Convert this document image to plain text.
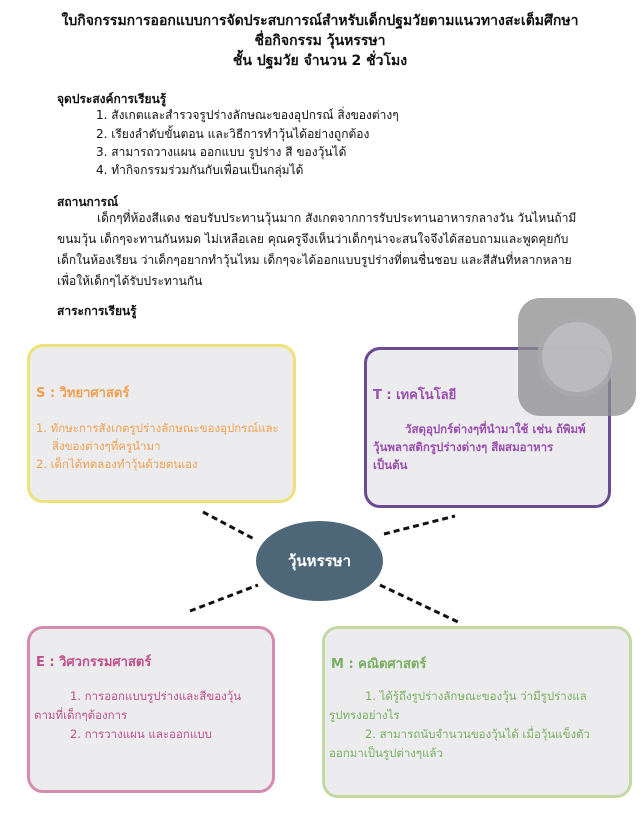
ใบกิจกรรมการออกแบบการจัดประสบการณ์สำหรับเด็กปฐมวัยตามแนวทางสะเต็มศึกษา
ชื่อกิจกรรม วุ้นหรรษา
ชั้น ปฐมวัย จำนวน 2 ชั่วโมง
จุดประสงค์การเรียนรู้
1. สังเกตและสำรวจรูปร่างลักษณะของอุปกรณ์ สิ่งของต่างๆ
2. เรียงลำดับขั้นตอน และวิธีการทำวุ้นได้อย่างถูกต้อง
3. สามารถวางแผน ออกแบบ รูปร่าง สี ของวุ้นได้
4. ทำกิจกรรมร่วมกันกับเพื่อนเป็นกลุ่มได้
สถานการณ์
เด็กๆที่ห้องสีแดง ชอบรับประทานวุ้นมาก สังเกตจากการรับประทานอาหารกลางวัน วันไหนถ้ามีขนมวุ้น เด็กๆจะทานกันหมด ไม่เหลือเลย คุณครูจึงเห็นว่าเด็กๆน่าจะสนใจจึงได้สอบถามและพูดคุยกับเด็กในห้องเรียน ว่าเด็กๆอยากทำวุ้นไหม เด็กๆจะได้ออกแบบรูปร่างที่ตนชื่นชอบ และสีสันที่หลากหลาย เพื่อให้เด็กๆได้รับประทานกัน
สาระการเรียนรู้
S : วิทยาศาสตร์
1. ทักษะการสังเกตรูปร่างลักษณะของอุปกรณ์และ
สิ่งของต่างๆที่ครูนำมา
2. เด็กได้ทดลองทำวุ้นด้วยตนเอง
T : เทคโนโลยี
วัสดุอุปกร์ต่างๆที่นำมาใช้ เช่น ถ้พิมพ์
วุ้นพลาสติกรูปร่างต่างๆ สีผสมอาหาร
เป็นต้น
E : วิศวกรรมศาสตร์
1. การออกแบบรูปร่างและสีของวุ้น
ตามที่เด็กๆต้องการ
2. การวางแผน และออกแบบ
M : คณิตศาสตร์
1. ได้รู้ถึงรูปร่างลักษณะของวุ้น ว่ามีรูปร่างแล
รูปทรงอย่างไร
2. สามารถนับจำนวนของวุ้นได้ เมื่อวุ้นแข็งตัว
ออกมาเป็นรูปต่างๆแล้ว
วุ้นหรรษา
